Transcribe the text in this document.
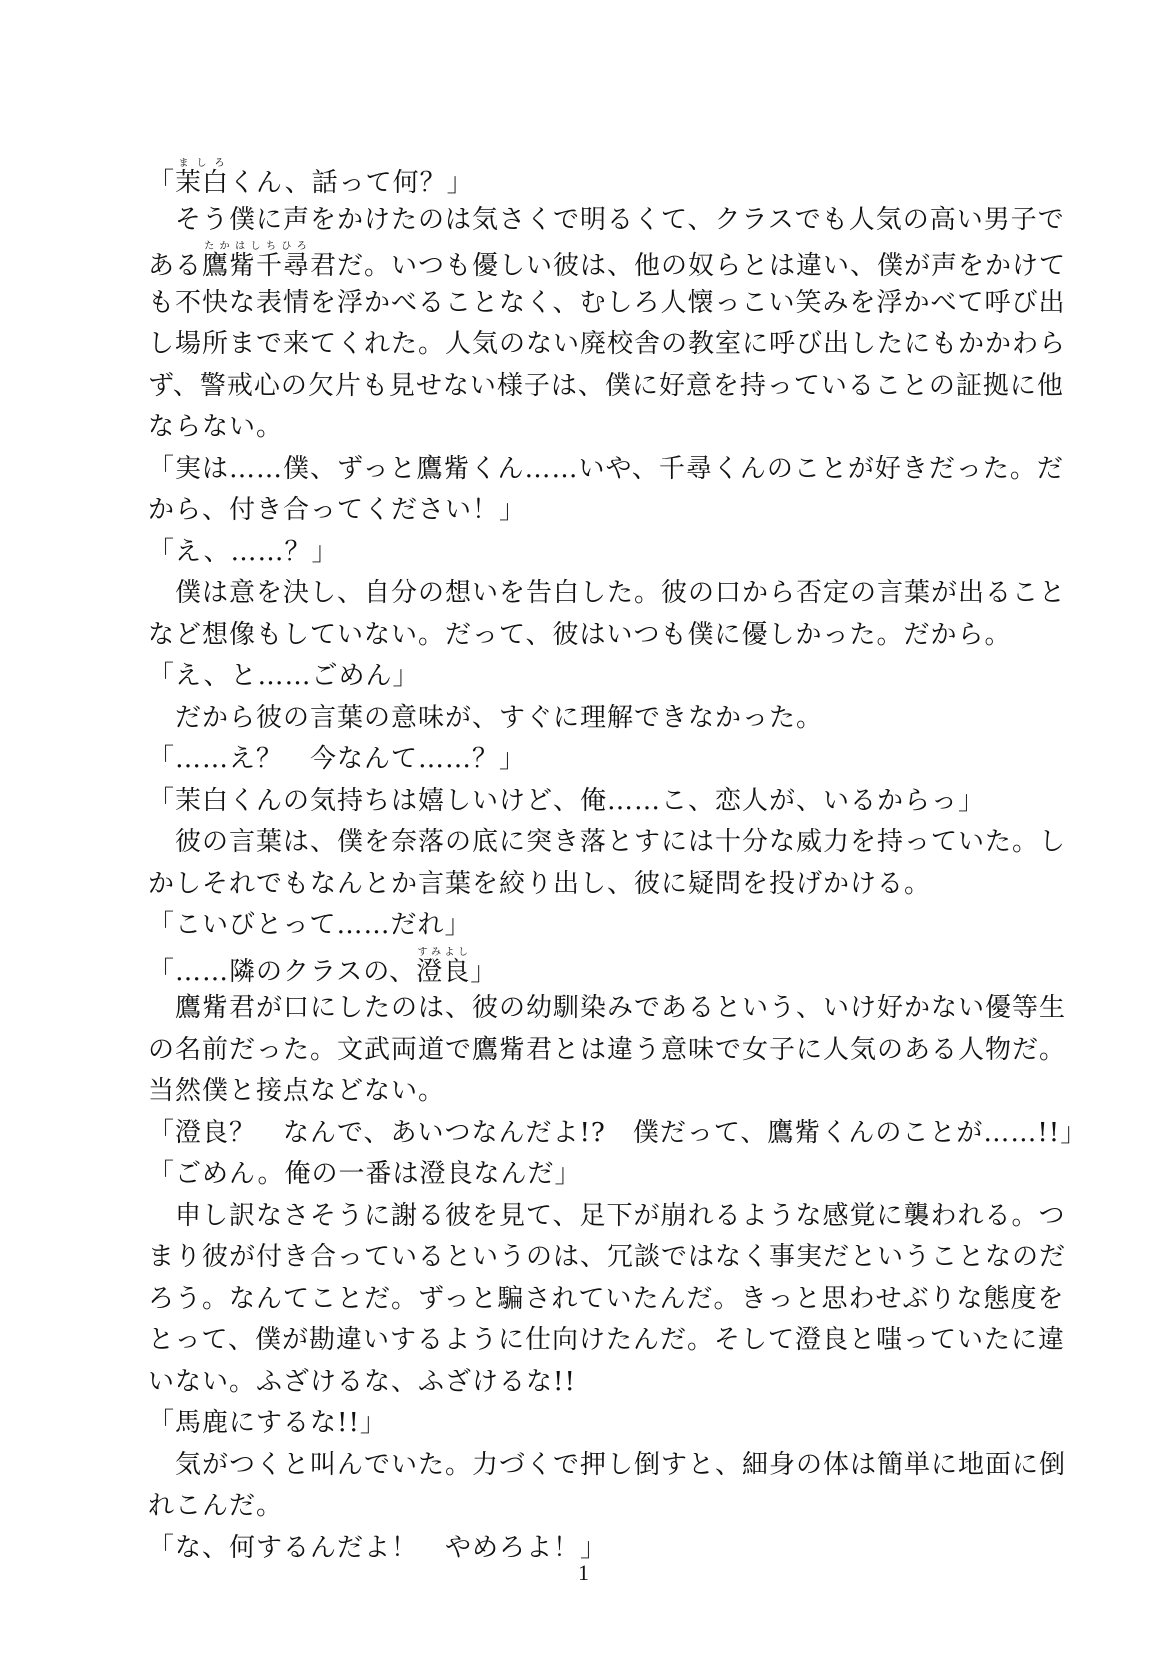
「茉白ましろくん、話って何？」
　そう僕に声をかけたのは気さくで明るくて、クラスでも人気の高い男子で
ある鷹觜千尋たかはしちひろ君だ。いつも優しい彼は、他の奴らとは違い、僕が声をかけて
も不快な表情を浮かべることなく、むしろ人懐っこい笑みを浮かべて呼び出
し場所まで来てくれた。人気のない廃校舎の教室に呼び出したにもかかわら
ず、警戒心の欠片も見せない様子は、僕に好意を持っていることの証拠に他
ならない。
「実は……僕、ずっと鷹觜くん……いや、千尋くんのことが好きだった。だ
から、付き合ってください！」
「え、……？」
　僕は意を決し、自分の想いを告白した。彼の口から否定の言葉が出ること
など想像もしていない。だって、彼はいつも僕に優しかった。だから。
「え、と……ごめん」
　だから彼の言葉の意味が、すぐに理解できなかった。
「……え？　今なんて……？」
「茉白くんの気持ちは嬉しいけど、俺……こ、恋人が、いるからっ」
　彼の言葉は、僕を奈落の底に突き落とすには十分な威力を持っていた。し
かしそれでもなんとか言葉を絞り出し、彼に疑問を投げかける。
「こいびとって……だれ」
「……隣のクラスの、澄良すみよし」
　鷹觜君が口にしたのは、彼の幼馴染みであるという、いけ好かない優等生
の名前だった。文武両道で鷹觜君とは違う意味で女子に人気のある人物だ。
当然僕と接点などない。
「澄良？　なんで、あいつなんだよ!?　僕だって、鷹觜くんのことが……!!」
「ごめん。俺の一番は澄良なんだ」
　申し訳なさそうに謝る彼を見て、足下が崩れるような感覚に襲われる。つ
まり彼が付き合っているというのは、冗談ではなく事実だということなのだ
ろう。なんてことだ。ずっと騙されていたんだ。きっと思わせぶりな態度を
とって、僕が勘違いするように仕向けたんだ。そして澄良と嗤っていたに違
いない。ふざけるな、ふざけるな!!
「馬鹿にするな!!」
　気がつくと叫んでいた。力づくで押し倒すと、細身の体は簡単に地面に倒
れこんだ。
「な、何するんだよ！　やめろよ！」
1
